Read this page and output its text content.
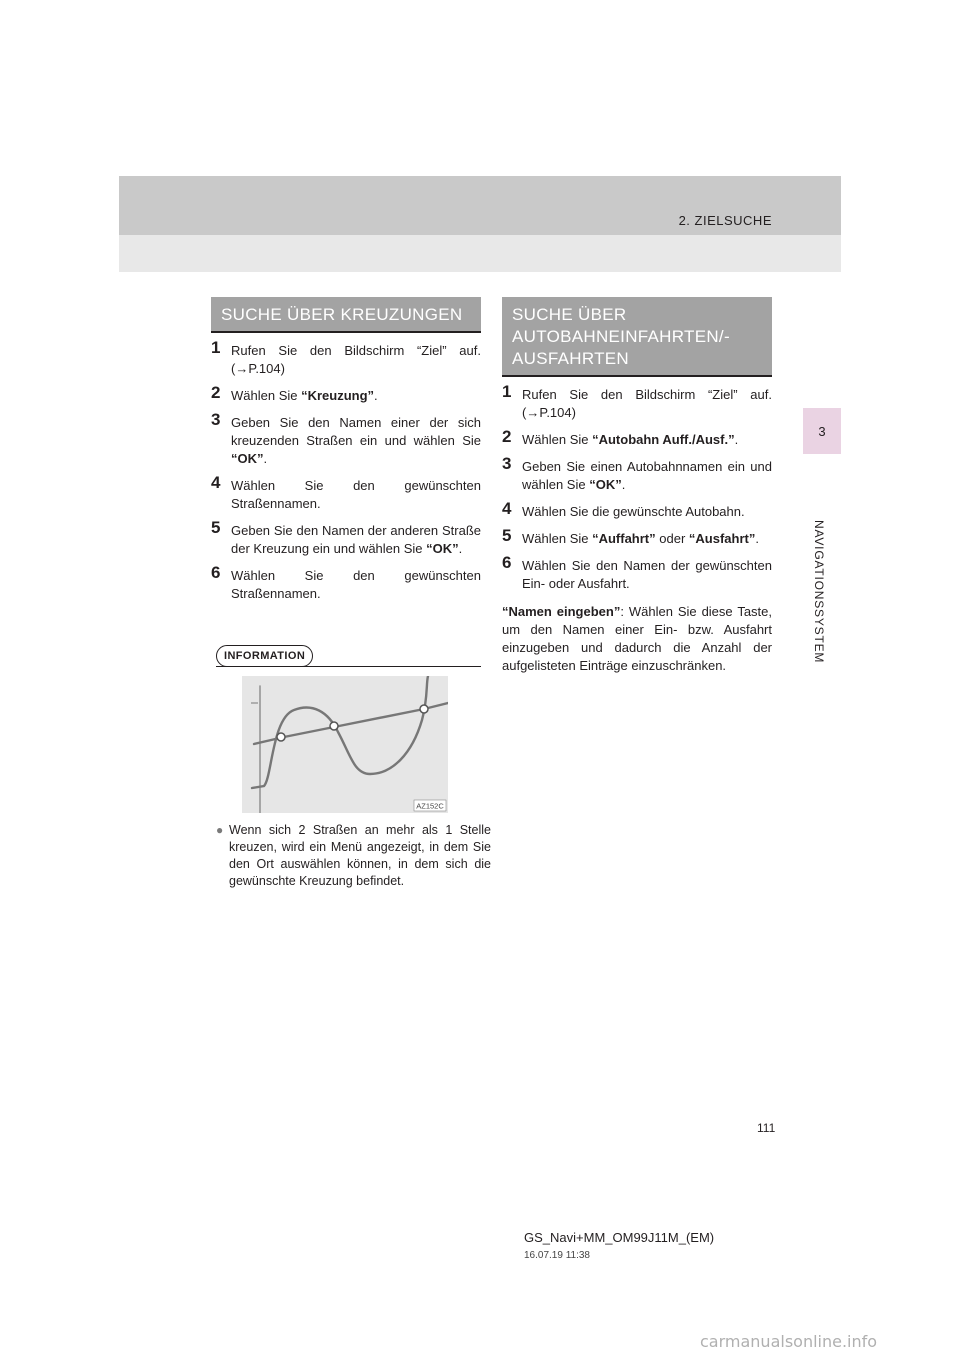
2. ZIELSUCHE
3
NAVIGATIONSSYSTEM
SUCHE ÜBER KREUZUNGEN
1 Rufen Sie den Bildschirm “Ziel” auf. (→P.104)
2 Wählen Sie “Kreuzung”.
3 Geben Sie den Namen einer der sich kreuzenden Straßen ein und wählen Sie “OK”.
4 Wählen Sie den gewünschten Straßennamen.
5 Geben Sie den Namen der anderen Straße der Kreuzung ein und wählen Sie “OK”.
6 Wählen Sie den gewünschten Straßennamen.
INFORMATION
AZ152C
● Wenn sich 2 Straßen an mehr als 1 Stelle kreuzen, wird ein Menü angezeigt, in dem Sie den Ort auswählen können, in dem sich die gewünschte Kreuzung befindet.
SUCHE ÜBER AUTOBAHNEINFAHRTEN/-AUSFAHRTEN
1 Rufen Sie den Bildschirm “Ziel” auf. (→P.104)
2 Wählen Sie “Autobahn Auff./Ausf.”.
3 Geben Sie einen Autobahnnamen ein und wählen Sie “OK”.
4 Wählen Sie die gewünschte Autobahn.
5 Wählen Sie “Auffahrt” oder “Ausfahrt”.
6 Wählen Sie den Namen der gewünschten Ein- oder Ausfahrt.

“Namen eingeben”: Wählen Sie diese Taste, um den Namen einer Ein- bzw. Ausfahrt einzugeben und dadurch die Anzahl der aufgelisteten Einträge einzuschränken.

111
GS_Navi+MM_OM99J11M_(EM)
16.07.19 11:38
carmanualsonline.info
